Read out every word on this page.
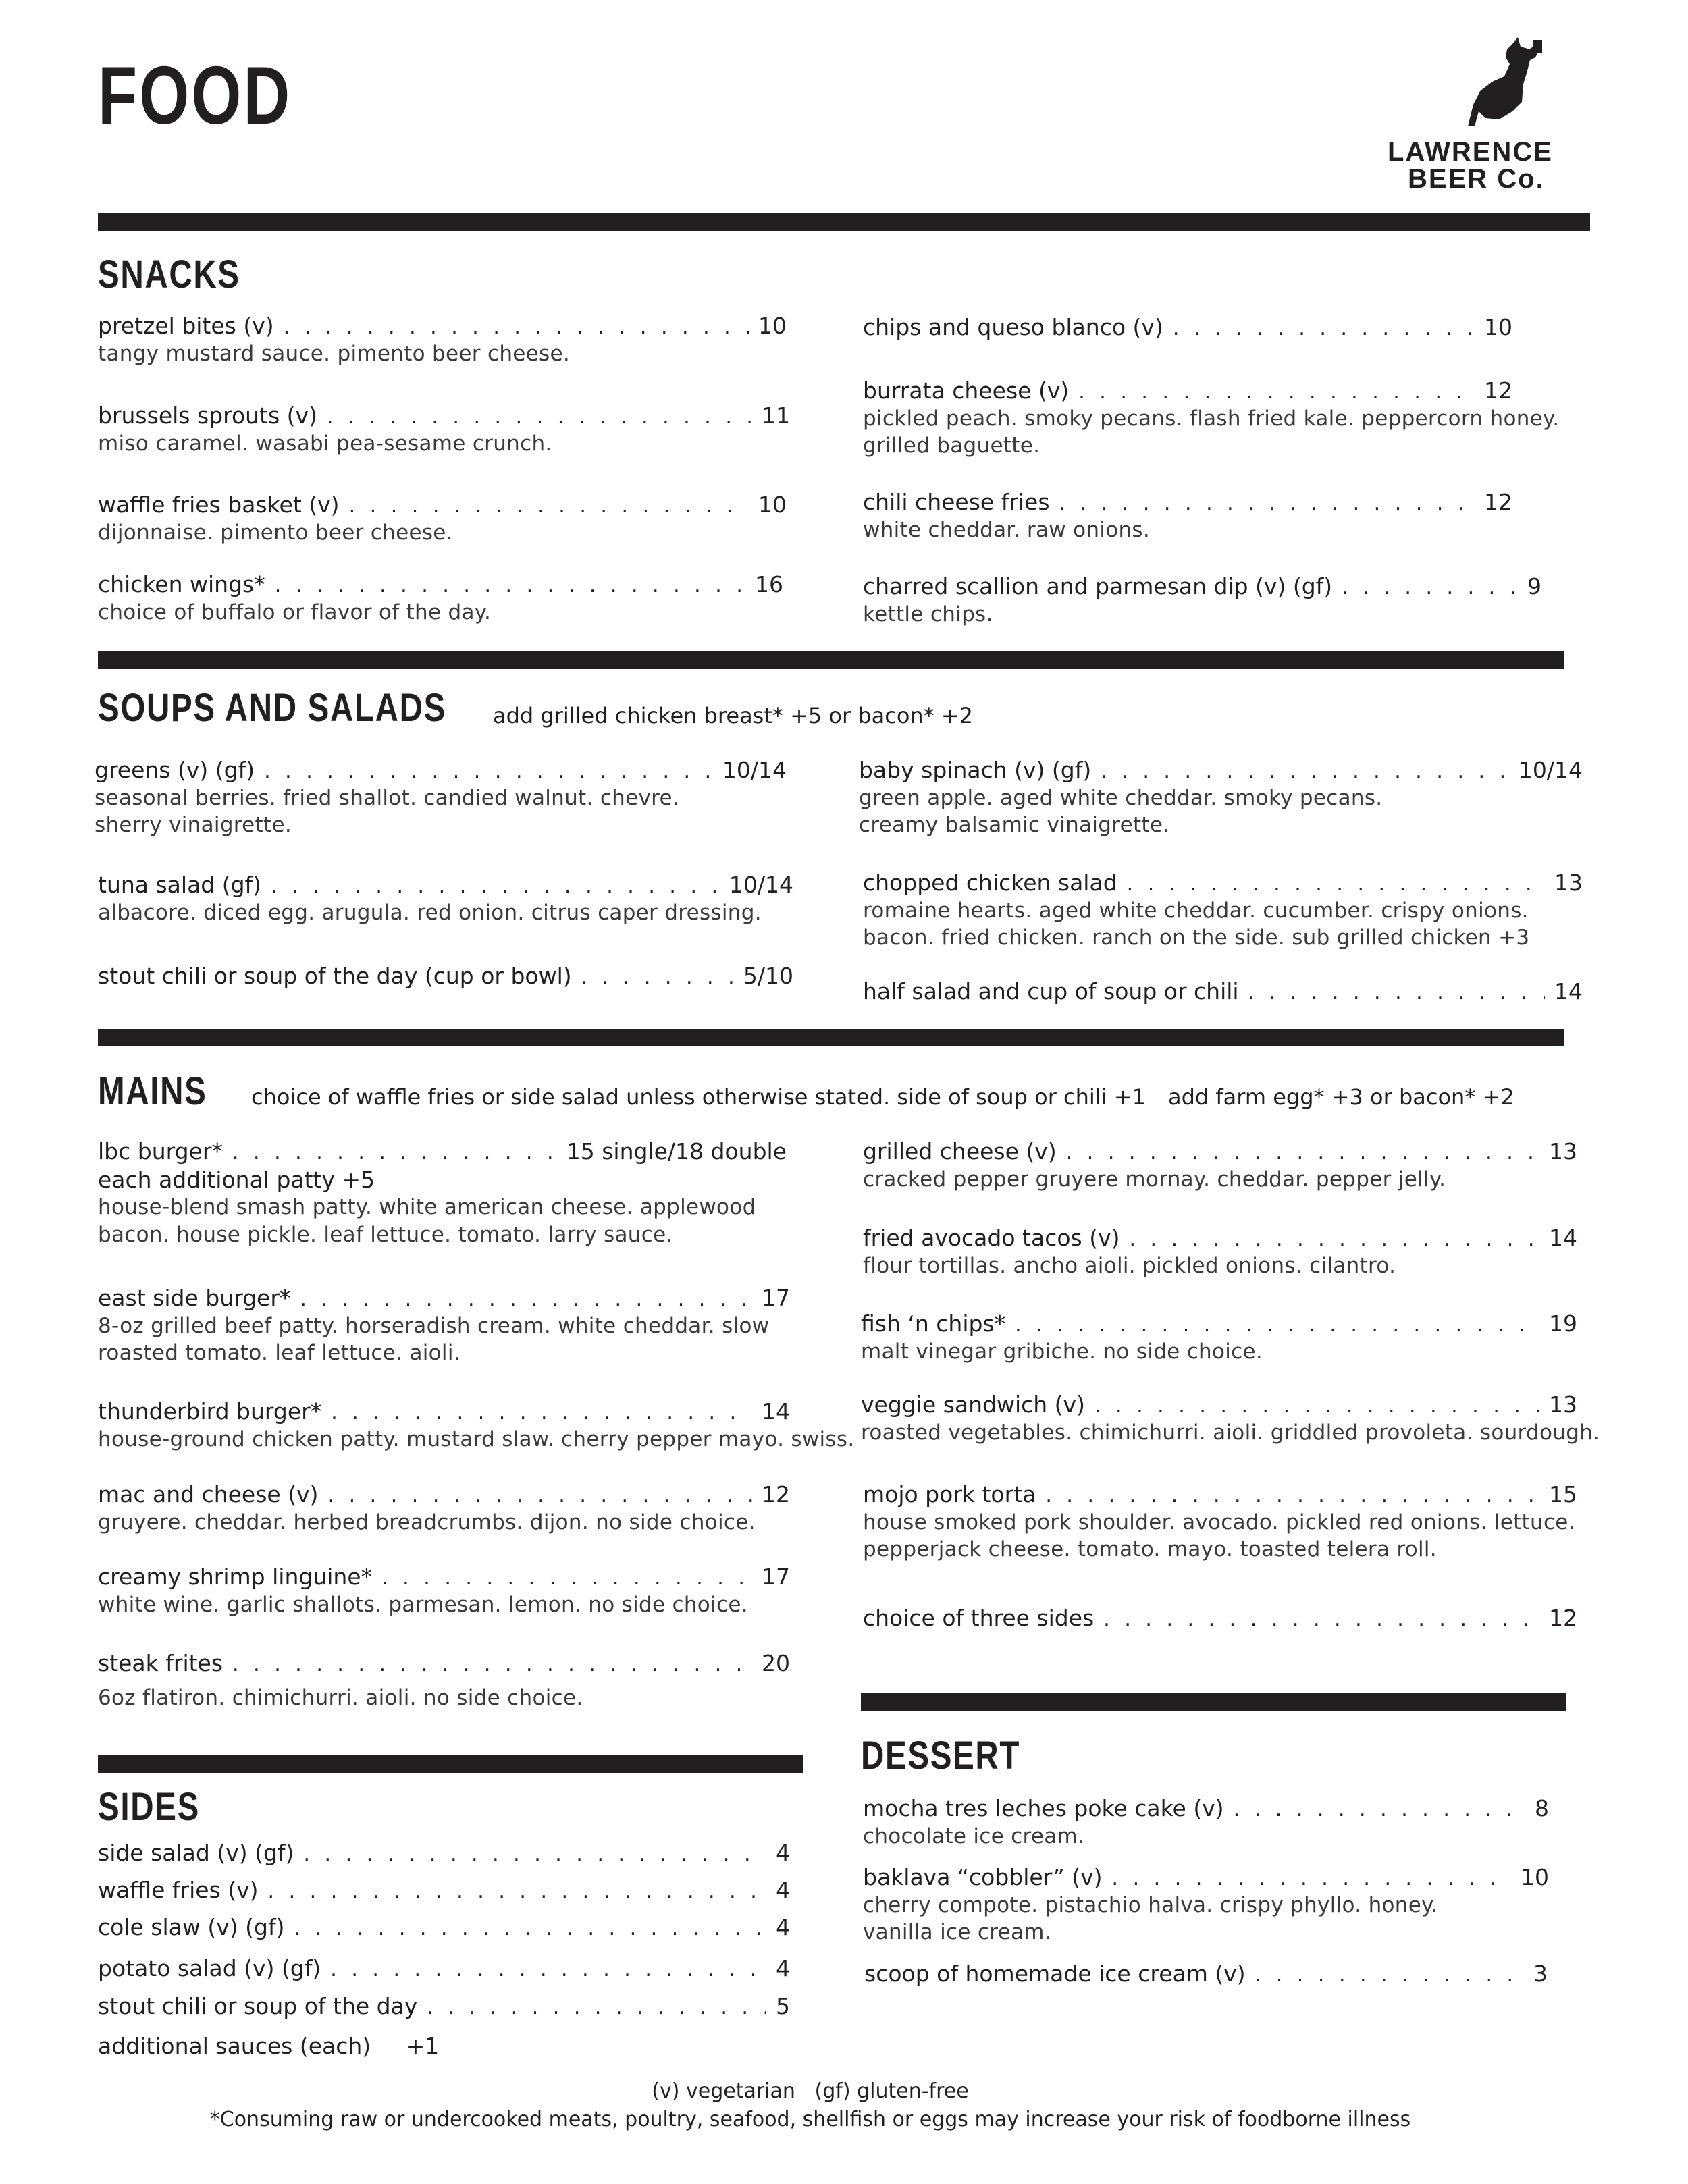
FOOD
LAWRENCE
BEER Co.
SNACKS
pretzel bites (v) . . .	10
tangy mustard sauce. pimento beer cheese.
brussels sprouts (v) . . .	11
miso caramel. wasabi pea-sesame crunch.
waffle fries basket (v) . . .	10
dijonnaise. pimento beer cheese.
chicken wings* . . .	16
choice of buffalo or flavor of the day.
chips and queso blanco (v) . . .	10
burrata cheese (v) . . .	12
pickled peach. smoky pecans. flash fried kale. peppercorn honey.
grilled baguette.
chili cheese fries . . .	12
white cheddar. raw onions.
charred scallion and parmesan dip (v) (gf) . . .	9
kettle chips.
SOUPS AND SALADS add grilled chicken breast* +5 or bacon* +2
greens (v) (gf) . . .	10/14
seasonal berries. fried shallot. candied walnut. chevre.
sherry vinaigrette.
tuna salad (gf) . . .	10/14
albacore. diced egg. arugula. red onion. citrus caper dressing.
stout chili or soup of the day (cup or bowl) . . .	5/10
baby spinach (v) (gf) . . .	10/14
green apple. aged white cheddar. smoky pecans.
creamy balsamic vinaigrette.
chopped chicken salad . . .	13
romaine hearts. aged white cheddar. cucumber. crispy onions.
bacon. fried chicken. ranch on the side. sub grilled chicken +3
half salad and cup of soup or chili . . .	14
MAINS choice of waffle fries or side salad unless otherwise stated. side of soup or chili +1 add farm egg* +3 or bacon* +2
lbc burger* . . .	15 single/18 double
each additional patty +5
house-blend smash patty. white american cheese. applewood
bacon. house pickle. leaf lettuce. tomato. larry sauce.
east side burger* . . .	17
8-oz grilled beef patty. horseradish cream. white cheddar. slow
roasted tomato. leaf lettuce. aioli.
thunderbird burger* . . .	14
house-ground chicken patty. mustard slaw. cherry pepper mayo. swiss.
mac and cheese (v) . . .	12
gruyere. cheddar. herbed breadcrumbs. dijon. no side choice.
creamy shrimp linguine* . . .	17
white wine. garlic shallots. parmesan. lemon. no side choice.
steak frites . . .	20
6oz flatiron. chimichurri. aioli. no side choice.
grilled cheese (v) . . .	13
cracked pepper gruyere mornay. cheddar. pepper jelly.
fried avocado tacos (v) . . .	14
flour tortillas. ancho aioli. pickled onions. cilantro.
fish ‘n chips* . . .	19
malt vinegar gribiche. no side choice.
veggie sandwich (v) . . .	13
roasted vegetables. chimichurri. aioli. griddled provoleta. sourdough.
mojo pork torta . . .	15
house smoked pork shoulder. avocado. pickled red onions. lettuce.
pepperjack cheese. tomato. mayo. toasted telera roll.
choice of three sides . . .	12
SIDES
side salad (v) (gf) . . .	4
waffle fries (v) . . .	4
cole slaw (v) (gf) . . .	4
potato salad (v) (gf) . . .	4
stout chili or soup of the day . . .	5
additional sauces (each)     +1
DESSERT
mocha tres leches poke cake (v) . . .	8
chocolate ice cream.
baklava “cobbler” (v) . . .	10
cherry compote. pistachio halva. crispy phyllo. honey.
vanilla ice cream.
scoop of homemade ice cream (v) . . .	3
(v) vegetarian   (gf) gluten-free
*Consuming raw or undercooked meats, poultry, seafood, shellfish or eggs may increase your risk of foodborne illness
